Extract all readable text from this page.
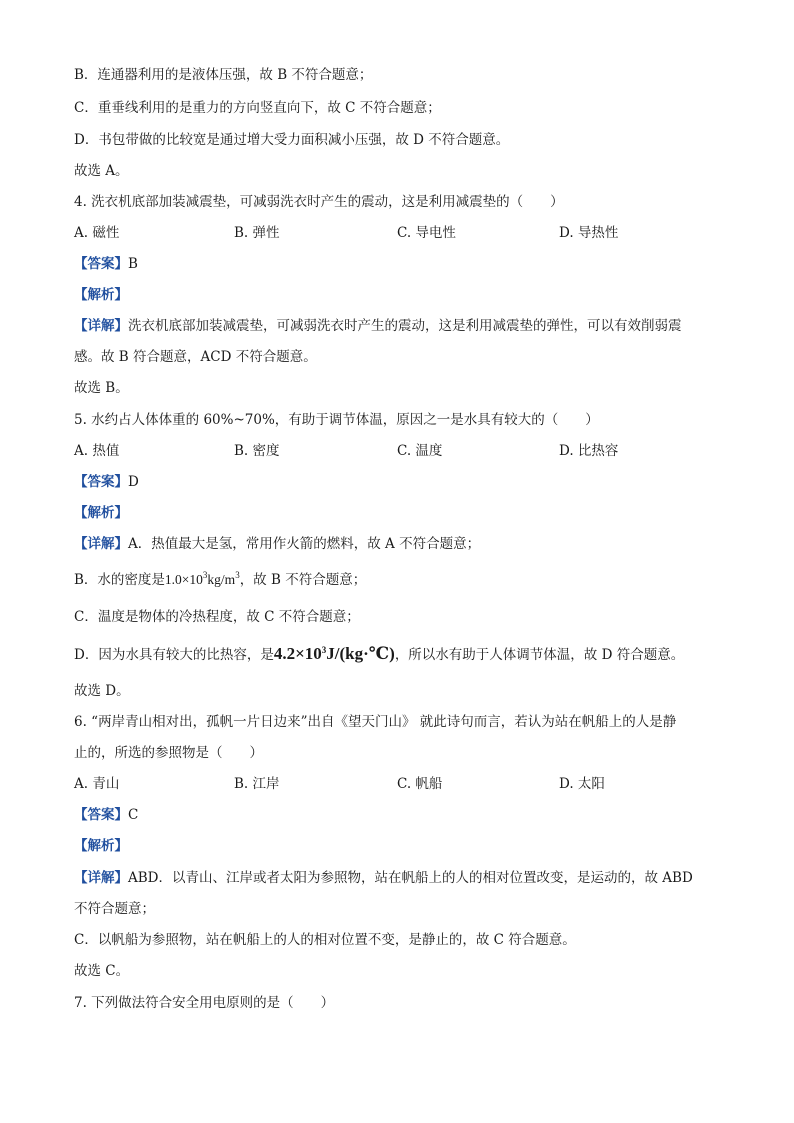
B．连通器利用的是液体压强，故 B 不符合题意；
C．重垂线利用的是重力的方向竖直向下，故 C 不符合题意；
D．书包带做的比较宽是通过增大受力面积减小压强，故 D 不符合题意。
故选 A。
4. 洗衣机底部加装减震垫，可减弱洗衣时产生的震动，这是利用减震垫的（　　）
A. 磁性	B. 弹性	C. 导电性	D. 导热性
【答案】B
【解析】
【详解】洗衣机底部加装减震垫，可减弱洗衣时产生的震动，这是利用减震垫的弹性，可以有效削弱震
感。故 B 符合题意，ACD 不符合题意。
故选 B。
5. 水约占人体体重的 60%~70%，有助于调节体温，原因之一是水具有较大的（　　）
A. 热值	B. 密度	C. 温度	D. 比热容
【答案】D
【解析】
【详解】A．热值最大是氢，常用作火箭的燃料，故 A 不符合题意；
B．水的密度是$1.0\times 10^3kg/m^3$，故 B 不符合题意；
C．温度是物体的冷热程度，故 C 不符合题意；
D．因为水具有较大的比热容，是$4.2\times 10^3J/(kg\cdot℃)$，所以水有助于人体调节体温，故 D 符合题意。
故选 D。
6. “两岸青山相对出，孤帆一片日边来”出自《望天门山》 就此诗句而言，若认为站在帆船上的人是静
止的，所选的参照物是（　　）
A. 青山	B. 江岸	C. 帆船	D. 太阳
【答案】C
【解析】
【详解】ABD．以青山、江岸或者太阳为参照物，站在帆船上的人的相对位置改变，是运动的，故 ABD
不符合题意；
C．以帆船为参照物，站在帆船上的人的相对位置不变，是静止的，故 C 符合题意。
故选 C。
7. 下列做法符合安全用电原则的是（　　）
